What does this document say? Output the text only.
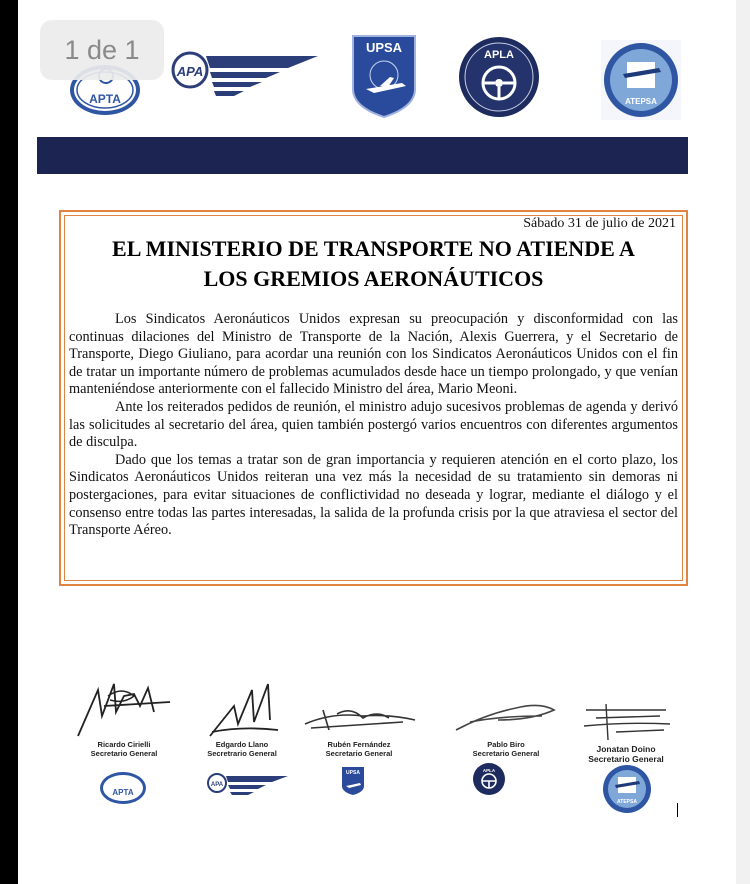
1 de 1
APTA
APA
UPSA	APLA
ATEPSA
Sábado 31 de julio de 2021
EL MINISTERIO DE TRANSPORTE NO ATIENDE A
LOS GREMIOS AERONÁUTICOS

Los Sindicatos Aeronáuticos Unidos expresan su preocupación y disconformidad con las continuas dilaciones del Ministro de Transporte de la Nación, Alexis Guerrera, y el Secretario de Transporte, Diego Giuliano, para acordar una reunión con los Sindicatos Aeronáuticos Unidos con el fin de tratar un importante número de problemas acumulados desde hace un tiempo prolongado, y que venían manteniéndose anteriormente con el fallecido Ministro del área, Mario Meoni.

Ante los reiterados pedidos de reunión, el ministro adujo sucesivos problemas de agenda y derivó las solicitudes al secretario del área, quien también postergó varios encuentros con diferentes argumentos de disculpa.

Dado que los temas a tratar son de gran importancia y requieren atención en el corto plazo, los Sindicatos Aeronáuticos Unidos reiteran una vez más la necesidad de su tratamiento sin demoras ni postergaciones, para evitar situaciones de conflictividad no deseada y lograr, mediante el diálogo y el consenso entre todas las partes interesadas, la salida de la profunda crisis por la que atraviesa el sector del Transporte Aéreo.

Ricardo Cirielli
Secretario General
Edgardo Llano
Secretrario General
Rubén Fernández
Secretario General
Pablo Biro
Secretario General	Jonatan Doino
Secretario General
APTA
APA
UPSA	APLA
ATEPSA
